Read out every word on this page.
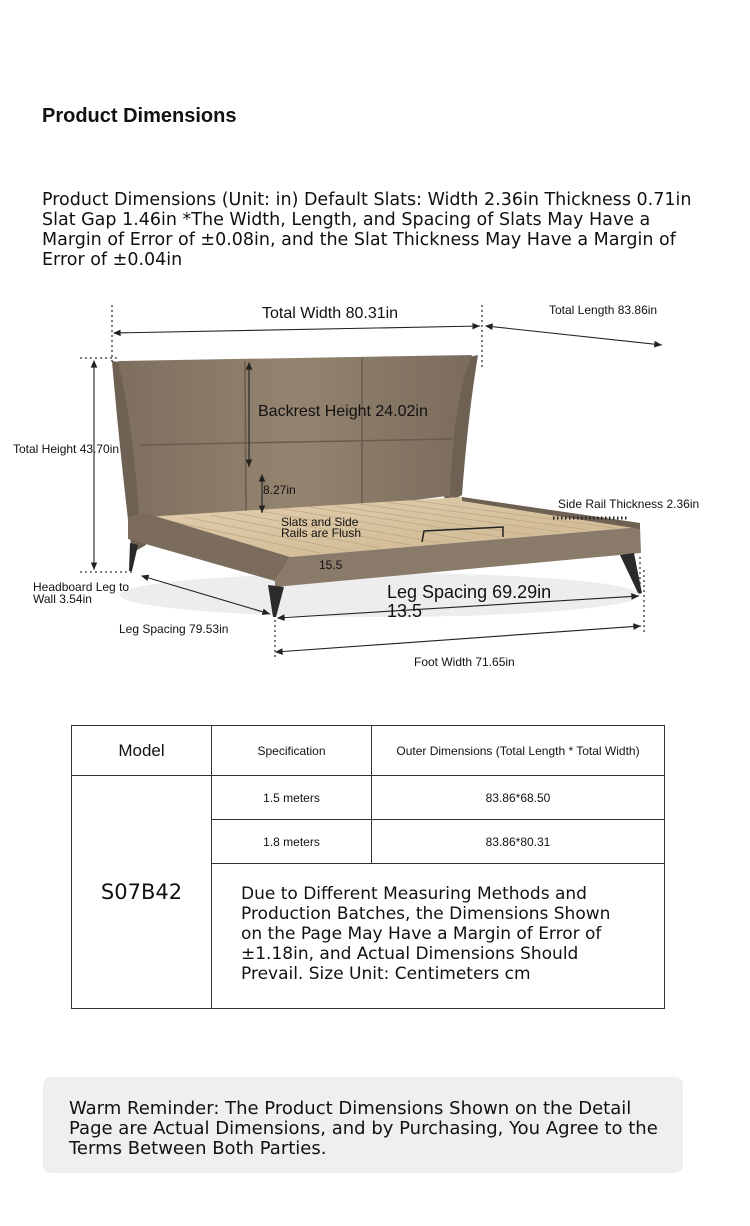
Product Dimensions
Product Dimensions (Unit: in) Default Slats: Width 2.36in Thickness 0.71in Slat Gap 1.46in *The Width, Length, and Spacing of Slats May Have a Margin of Error of ±0.08in, and the Slat Thickness May Have a Margin of Error of ±0.04in
Total Width 80.31in	Total Length 83.86in
Total Height 43.70in
Backrest Height 24.02in
8.27in
Side Rail Thickness 2.36in
Slats and Side
Rails are Flush
15.5
Headboard Leg to
Wall 3.54in	Leg Spacing 69.29in
13.5
Leg Spacing 79.53in
Foot Width 71.65in
Model	Specification	Outer Dimensions (Total Length * Total Width)
S07B42	1.5 meters	83.86*68.50
	1.8 meters	83.86*80.31
	Due to Different Measuring Methods and Production Batches, the Dimensions Shown on the Page May Have a Margin of Error of ±1.18in, and Actual Dimensions Should Prevail. Size Unit: Centimeters cm	
Warm Reminder: The Product Dimensions Shown on the Detail Page are Actual Dimensions, and by Purchasing, You Agree to the Terms Between Both Parties.
